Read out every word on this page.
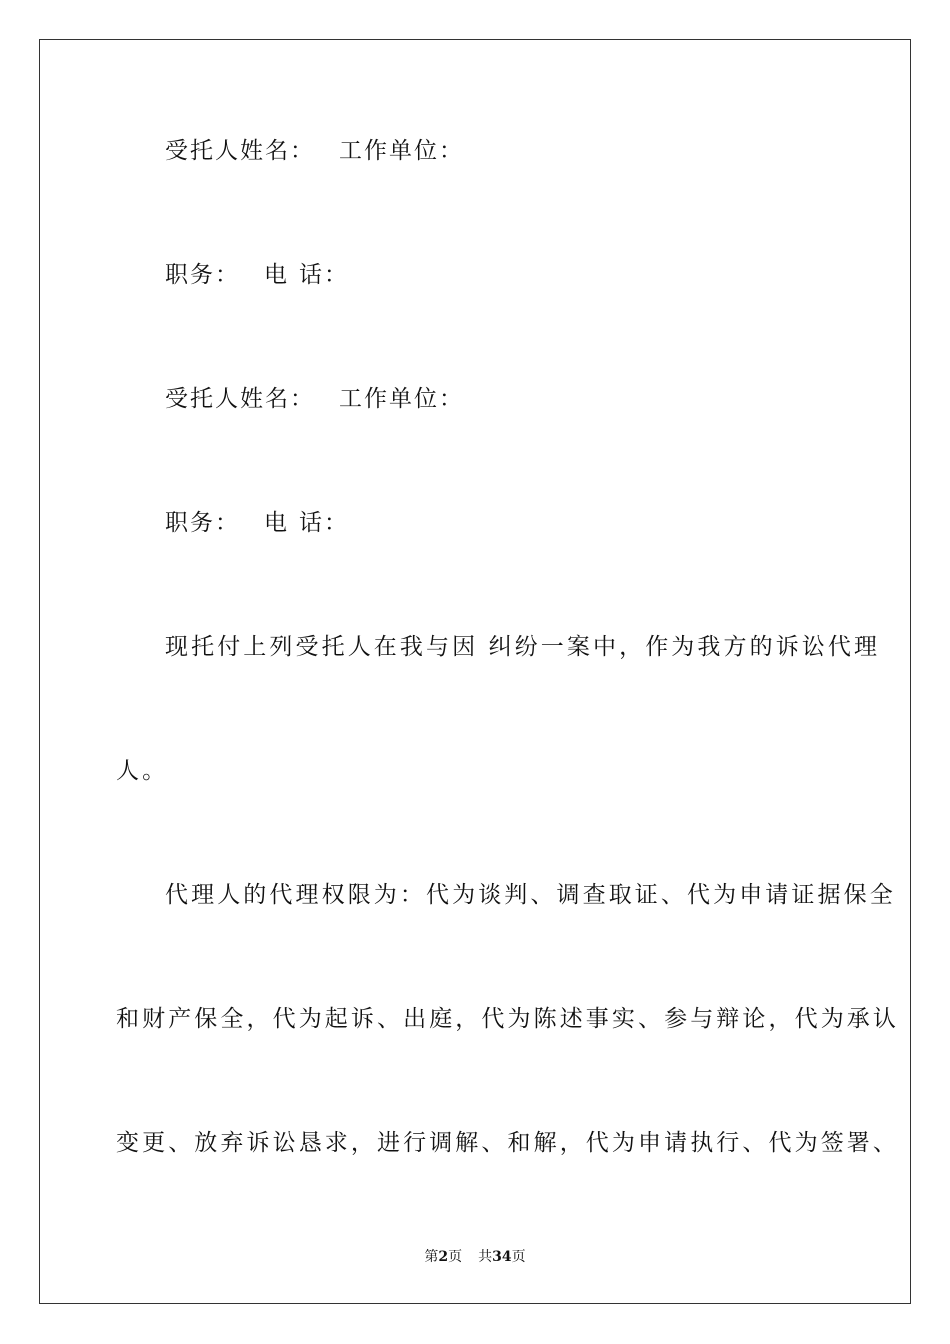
受托人姓名： 工作单位：
职务： 电 话：
受托人姓名： 工作单位：
职务： 电 话：
现托付上列受托人在我与因 纠纷一案中，作为我方的诉讼代理
人。
代理人的代理权限为：代为谈判、调查取证、代为申请证据保全
和财产保全，代为起诉、出庭，代为陈述事实、参与辩论，代为承认
变更、放弃诉讼恳求，进行调解、和解，代为申请执行、代为签署、
第2页 共34页
